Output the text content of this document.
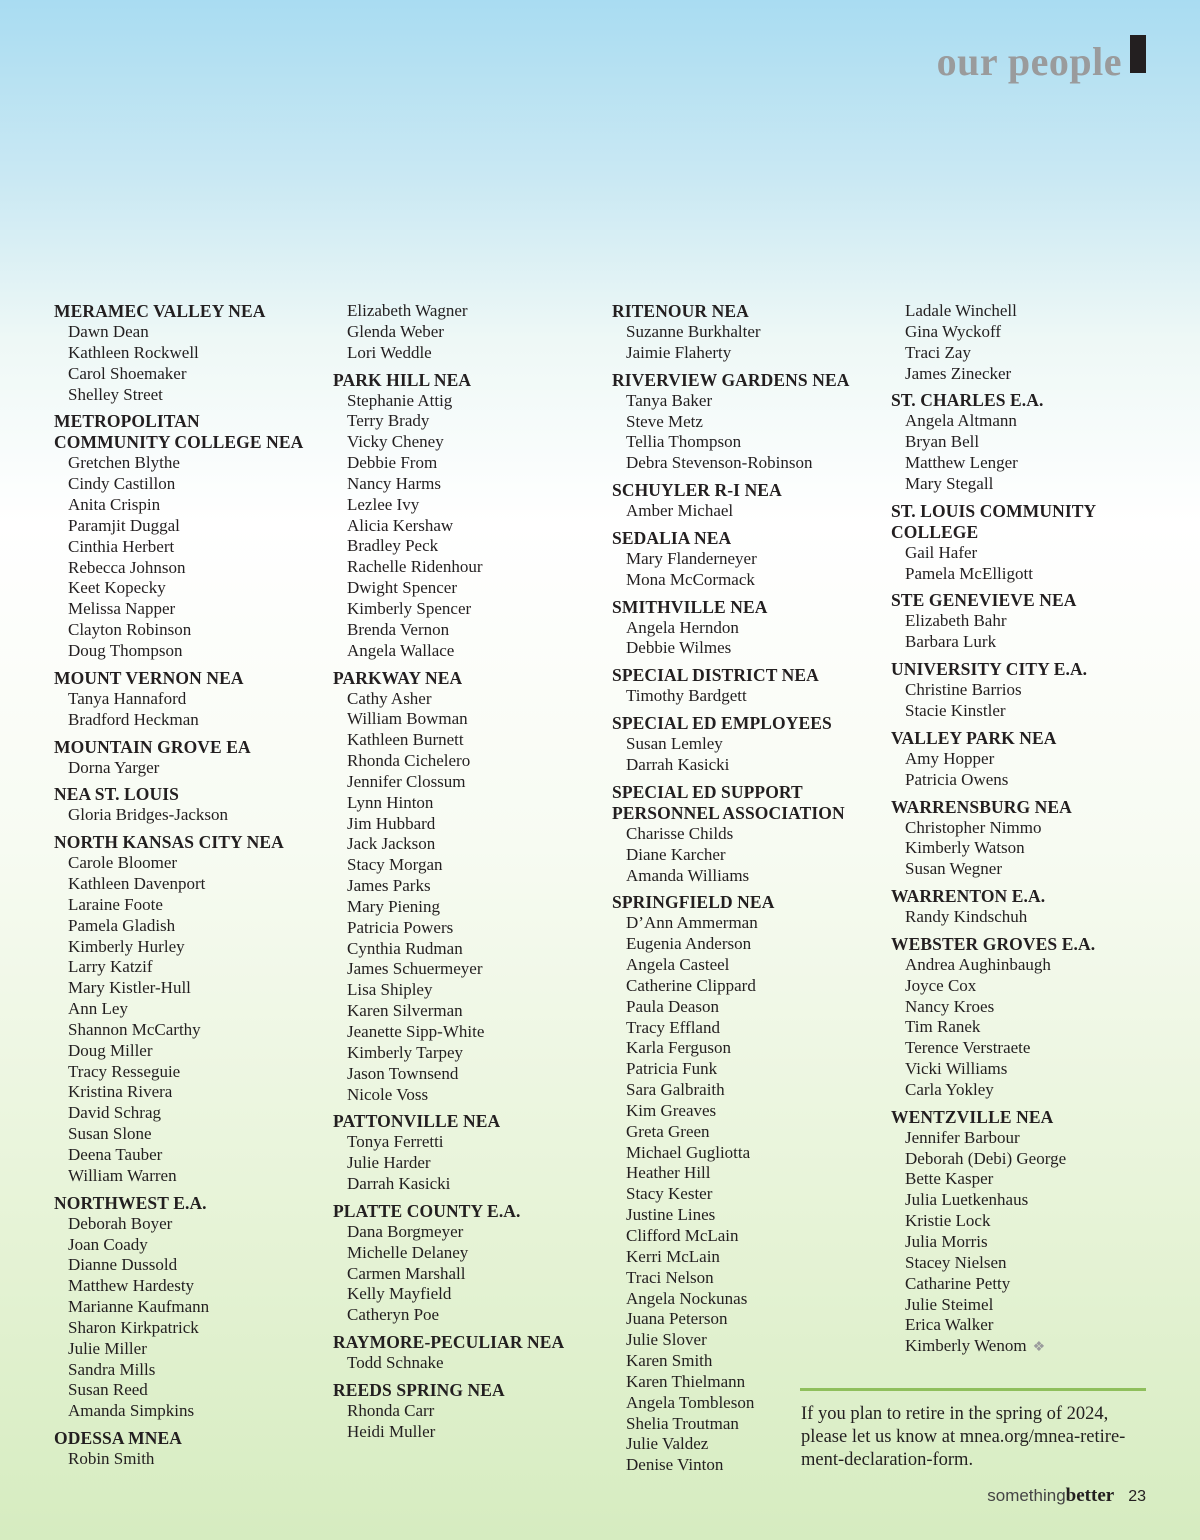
our people
MERAMEC VALLEY NEA
Dawn Dean
Kathleen Rockwell
Carol Shoemaker
Shelley Street
METROPOLITAN
COMMUNITY COLLEGE NEA
Gretchen Blythe
Cindy Castillon
Anita Crispin
Paramjit Duggal
Cinthia Herbert
Rebecca Johnson
Keet Kopecky
Melissa Napper
Clayton Robinson
Doug Thompson
MOUNT VERNON NEA
Tanya Hannaford
Bradford Heckman
MOUNTAIN GROVE EA
Dorna Yarger
NEA ST. LOUIS
Gloria Bridges-Jackson
NORTH KANSAS CITY NEA
Carole Bloomer
Kathleen Davenport
Laraine Foote
Pamela Gladish
Kimberly Hurley
Larry Katzif
Mary Kistler-Hull
Ann Ley
Shannon McCarthy
Doug Miller
Tracy Resseguie
Kristina Rivera
David Schrag
Susan Slone
Deena Tauber
William Warren
NORTHWEST E.A.
Deborah Boyer
Joan Coady
Dianne Dussold
Matthew Hardesty
Marianne Kaufmann
Sharon Kirkpatrick
Julie Miller
Sandra Mills
Susan Reed
Amanda Simpkins
ODESSA MNEA
Robin Smith
Elizabeth Wagner
Glenda Weber
Lori Weddle
PARK HILL NEA
Stephanie Attig
Terry Brady
Vicky Cheney
Debbie From
Nancy Harms
Lezlee Ivy
Alicia Kershaw
Bradley Peck
Rachelle Ridenhour
Dwight Spencer
Kimberly Spencer
Brenda Vernon
Angela Wallace
PARKWAY NEA
Cathy Asher
William Bowman
Kathleen Burnett
Rhonda Cichelero
Jennifer Clossum
Lynn Hinton
Jim Hubbard
Jack Jackson
Stacy Morgan
James Parks
Mary Piening
Patricia Powers
Cynthia Rudman
James Schuermeyer
Lisa Shipley
Karen Silverman
Jeanette Sipp-White
Kimberly Tarpey
Jason Townsend
Nicole Voss
PATTONVILLE NEA
Tonya Ferretti
Julie Harder
Darrah Kasicki
PLATTE COUNTY E.A.
Dana Borgmeyer
Michelle Delaney
Carmen Marshall
Kelly Mayfield
Catheryn Poe
RAYMORE-PECULIAR NEA
Todd Schnake
REEDS SPRING NEA
Rhonda Carr
Heidi Muller
RITENOUR NEA
Suzanne Burkhalter
Jaimie Flaherty
RIVERVIEW GARDENS NEA
Tanya Baker
Steve Metz
Tellia Thompson
Debra Stevenson-Robinson
SCHUYLER R-I NEA
Amber Michael
SEDALIA NEA
Mary Flanderneyer
Mona McCormack
SMITHVILLE NEA
Angela Herndon
Debbie Wilmes
SPECIAL DISTRICT NEA
Timothy Bardgett
SPECIAL ED EMPLOYEES
Susan Lemley
Darrah Kasicki
SPECIAL ED SUPPORT
PERSONNEL ASSOCIATION
Charisse Childs
Diane Karcher
Amanda Williams
SPRINGFIELD NEA
D’Ann Ammerman
Eugenia Anderson
Angela Casteel
Catherine Clippard
Paula Deason
Tracy Effland
Karla Ferguson
Patricia Funk
Sara Galbraith
Kim Greaves
Greta Green
Michael Gugliotta
Heather Hill
Stacy Kester
Justine Lines
Clifford McLain
Kerri McLain
Traci Nelson
Angela Nockunas
Juana Peterson
Julie Slover
Karen Smith
Karen Thielmann
Angela Tombleson
Shelia Troutman
Julie Valdez
Denise Vinton
Ladale Winchell
Gina Wyckoff
Traci Zay
James Zinecker
ST. CHARLES E.A.
Angela Altmann
Bryan Bell
Matthew Lenger
Mary Stegall
ST. LOUIS COMMUNITY
COLLEGE
Gail Hafer
Pamela McElligott
STE GENEVIEVE NEA
Elizabeth Bahr
Barbara Lurk
UNIVERSITY CITY E.A.
Christine Barrios
Stacie Kinstler
VALLEY PARK NEA
Amy Hopper
Patricia Owens
WARRENSBURG NEA
Christopher Nimmo
Kimberly Watson
Susan Wegner
WARRENTON E.A.
Randy Kindschuh
WEBSTER GROVES E.A.
Andrea Aughinbaugh
Joyce Cox
Nancy Kroes
Tim Ranek
Terence Verstraete
Vicki Williams
Carla Yokley
WENTZVILLE NEA
Jennifer Barbour
Deborah (Debi) George
Bette Kasper
Julia Luetkenhaus
Kristie Lock
Julia Morris
Stacey Nielsen
Catharine Petty
Julie Steimel
Erica Walker
Kimberly Wenom ❖
If you plan to retire in the spring of 2024, please let us know at mnea.org/mnea-retire-ment-declaration-form.
somethingbetter 23
